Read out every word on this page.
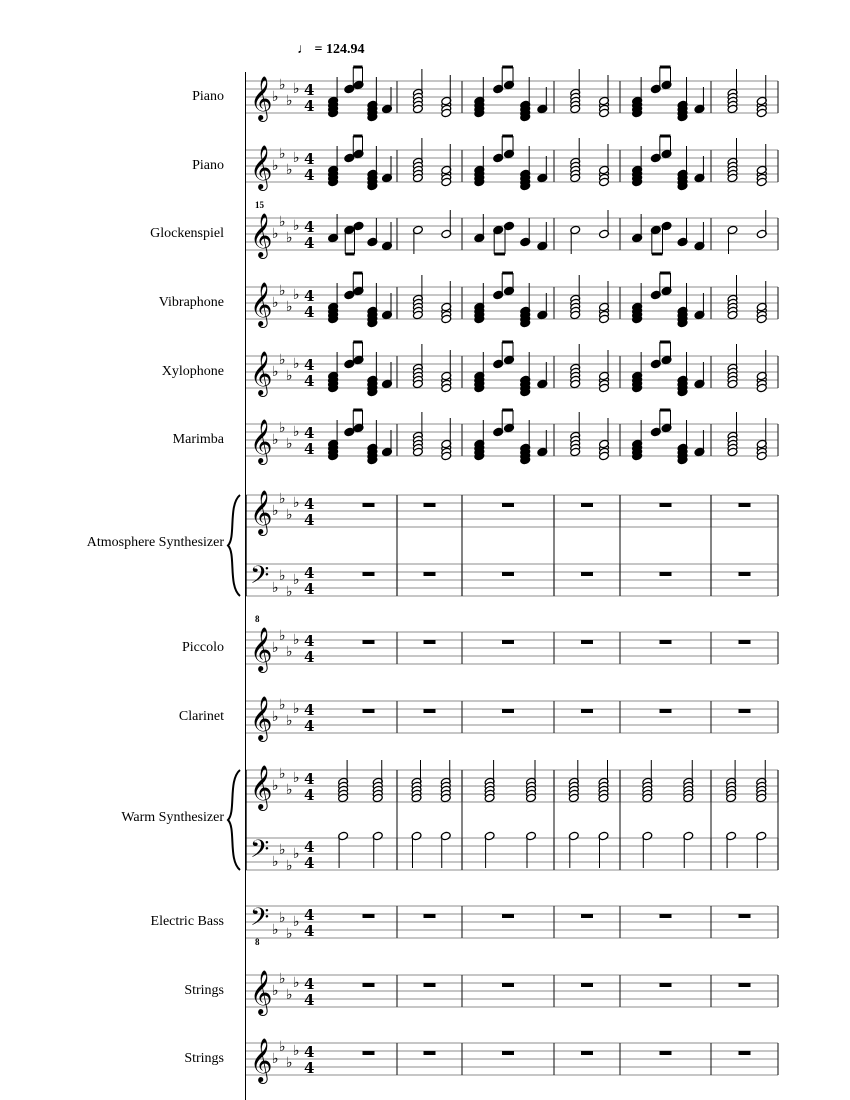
♩ = 124.94
Piano
Piano
Glockenspiel
Vibraphone
Xylophone
Marimba
Atmosphere Synthesizer
Piccolo
Clarinet
Warm Synthesizer
Electric Bass
Strings
Strings
15
8
8
𝄞 ♭
♭
♭
♭ 4
4
𝄞 ♭
♭
♭
♭ 4
4
𝄞 ♭
♭
♭
♭ 4
4
𝄞 ♭
♭
♭
♭ 4
4
𝄞 ♭
♭
♭
♭ 4
4
𝄞 ♭
♭
♭
♭ 4
4
𝄞 ♭
♭
♭
♭ 4
4
𝄢 ♭
♭
♭
♭ 4
4
𝄞 ♭
♭
♭
♭ 4
4
𝄞 ♭
♭
♭
♭ 4
4
𝄞 ♭
♭
♭
♭ 4
4
𝄢 ♭
♭
♭
♭ 4
4
𝄢 ♭
♭
♭
♭ 4
4
𝄞 ♭
♭
♭
♭ 4
4
𝄞 ♭
♭
♭
♭ 4
4
